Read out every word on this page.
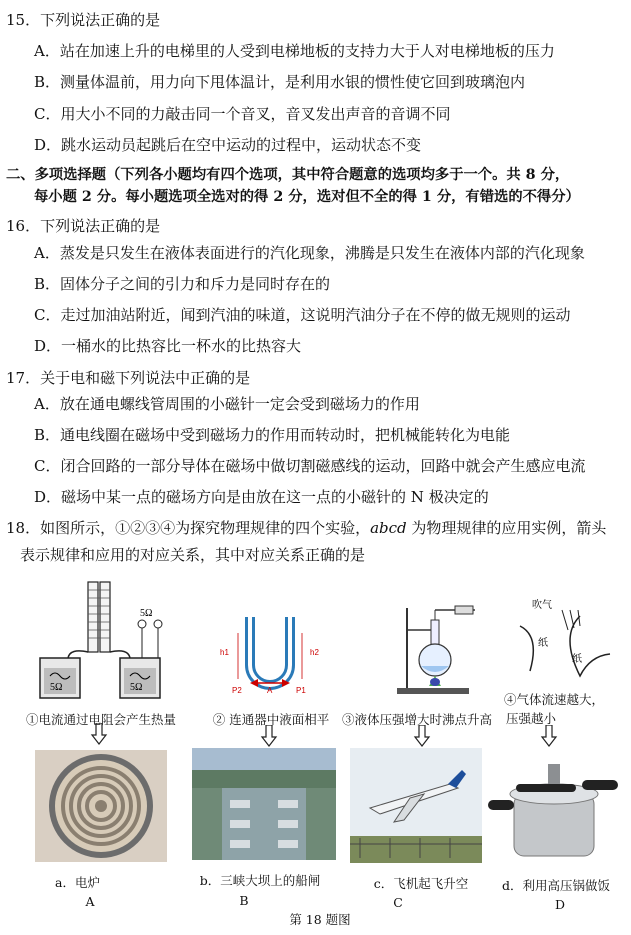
15．下列说法正确的是
A．站在加速上升的电梯里的人受到电梯地板的支持力大于人对电梯地板的压力
B．测量体温前，用力向下甩体温计，是利用水银的惯性使它回到玻璃泡内
C．用大小不同的力敲击同一个音叉，音叉发出声音的音调不同
D．跳水运动员起跳后在空中运动的过程中，运动状态不变
二、多项选择题（下列各小题均有四个选项，其中符合题意的选项均多于一个。共 8 分，
每小题 2 分。每小题选项全选对的得 2 分，选对但不全的得 1 分，有错选的不得分）
16．下列说法正确的是
A．蒸发是只发生在液体表面进行的汽化现象，沸腾是只发生在液体内部的汽化现象
B．固体分子之间的引力和斥力是同时存在的
C．走过加油站附近，闻到汽油的味道，这说明汽油分子在不停的做无规则的运动
D．一桶水的比热容比一杯水的比热容大
17．关于电和磁下列说法中正确的是
A．放在通电螺线管周围的小磁针一定会受到磁场力的作用
B．通电线圈在磁场中受到磁场力的作用而转动时，把机械能转化为电能
C．闭合回路的一部分导体在磁场中做切割磁感线的运动，回路中就会产生感应电流
D．磁场中某一点的磁场方向是由放在这一点的小磁针的 N 极决定的
18．如图所示，①②③④为探究物理规律的四个实验，abcd 为物理规律的应用实例，箭头
表示规律和应用的对应关系，其中对应关系正确的是
5Ω	5Ω
5Ω
①电流通过电阻会产生热量
h1	h2
P2	P1
A
② 连通器中液面相平	③液体压强增大时沸点升高
吹气
纸
纸
④气体流速越大，
压强越小
a．电炉
A
b．三峡大坝上的船闸
B
c．飞机起飞升空
C
d．利用高压锅做饭
D
第 18 题图
